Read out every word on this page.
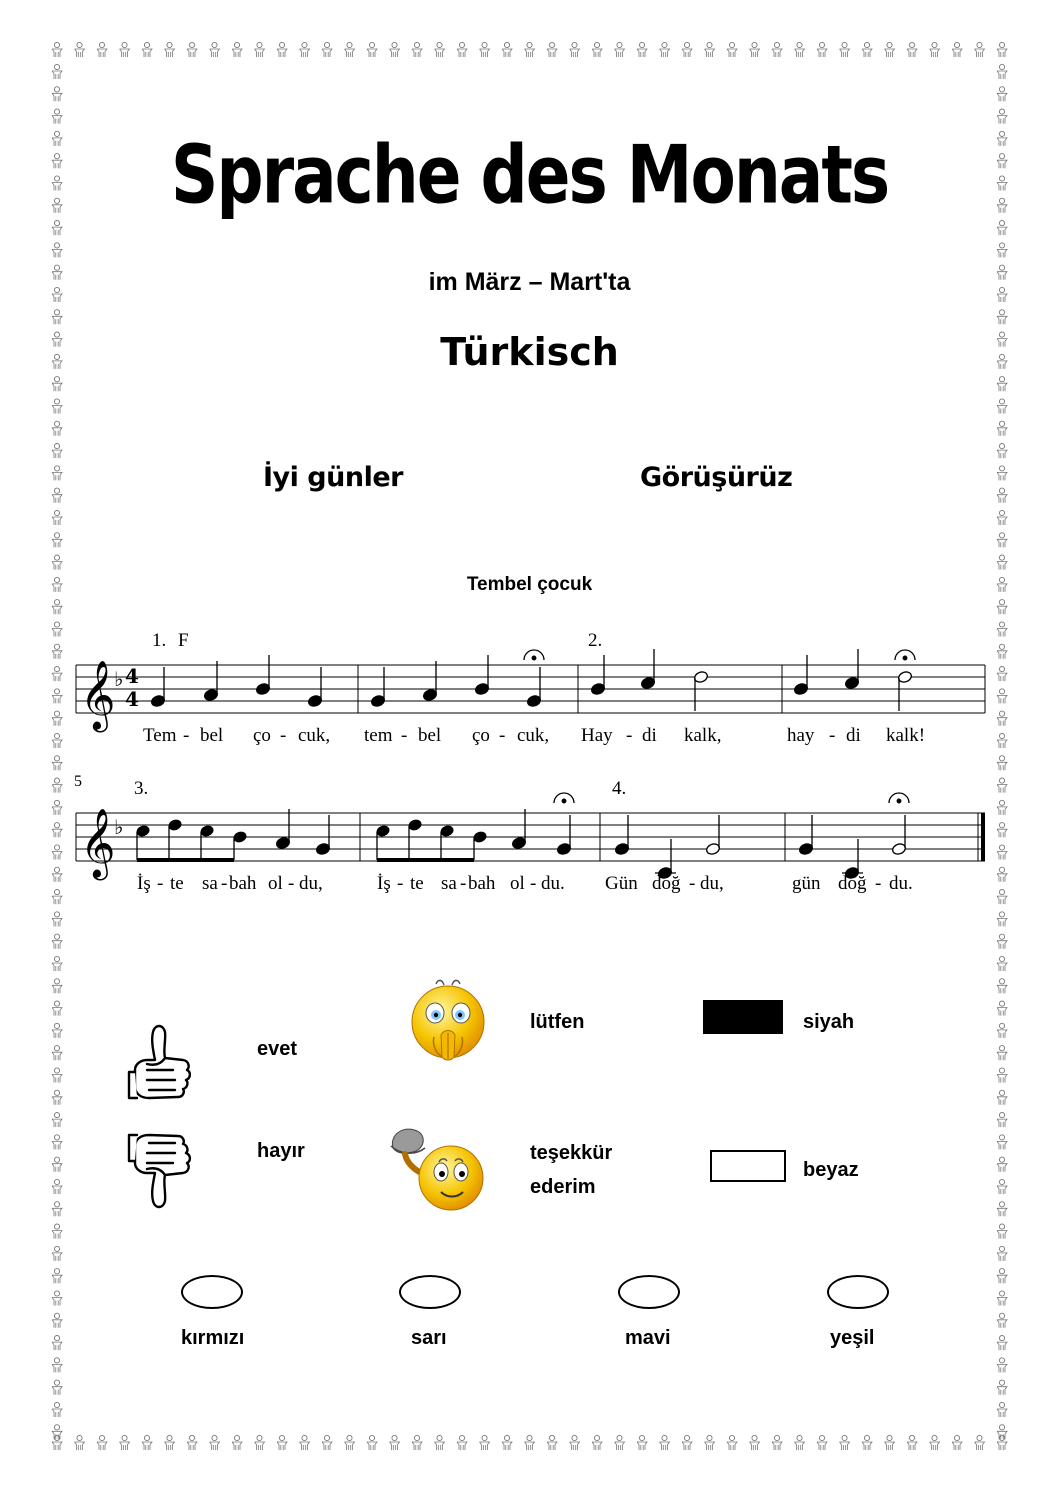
Sprache des Monats
im März – Mart'ta
Türkisch
İyi günler	Görüşürüz
Tembel çocuk
𝄞
♭ 4
4
𝄞
♭
1. F	2.
5	3.	4.
Tem - bel ço - cuk, tem - bel ço - cuk, Hay - di kalk,	hay - di kalk!
İş - te sa - bah ol - du,	İş - te sa - bah ol - du. Gün doğ - du,	gün doğ - du.
evet
hayır
lütfen
teşekkür
ederim
siyah
beyaz
kırmızı	sarı	mavi	yeşil
